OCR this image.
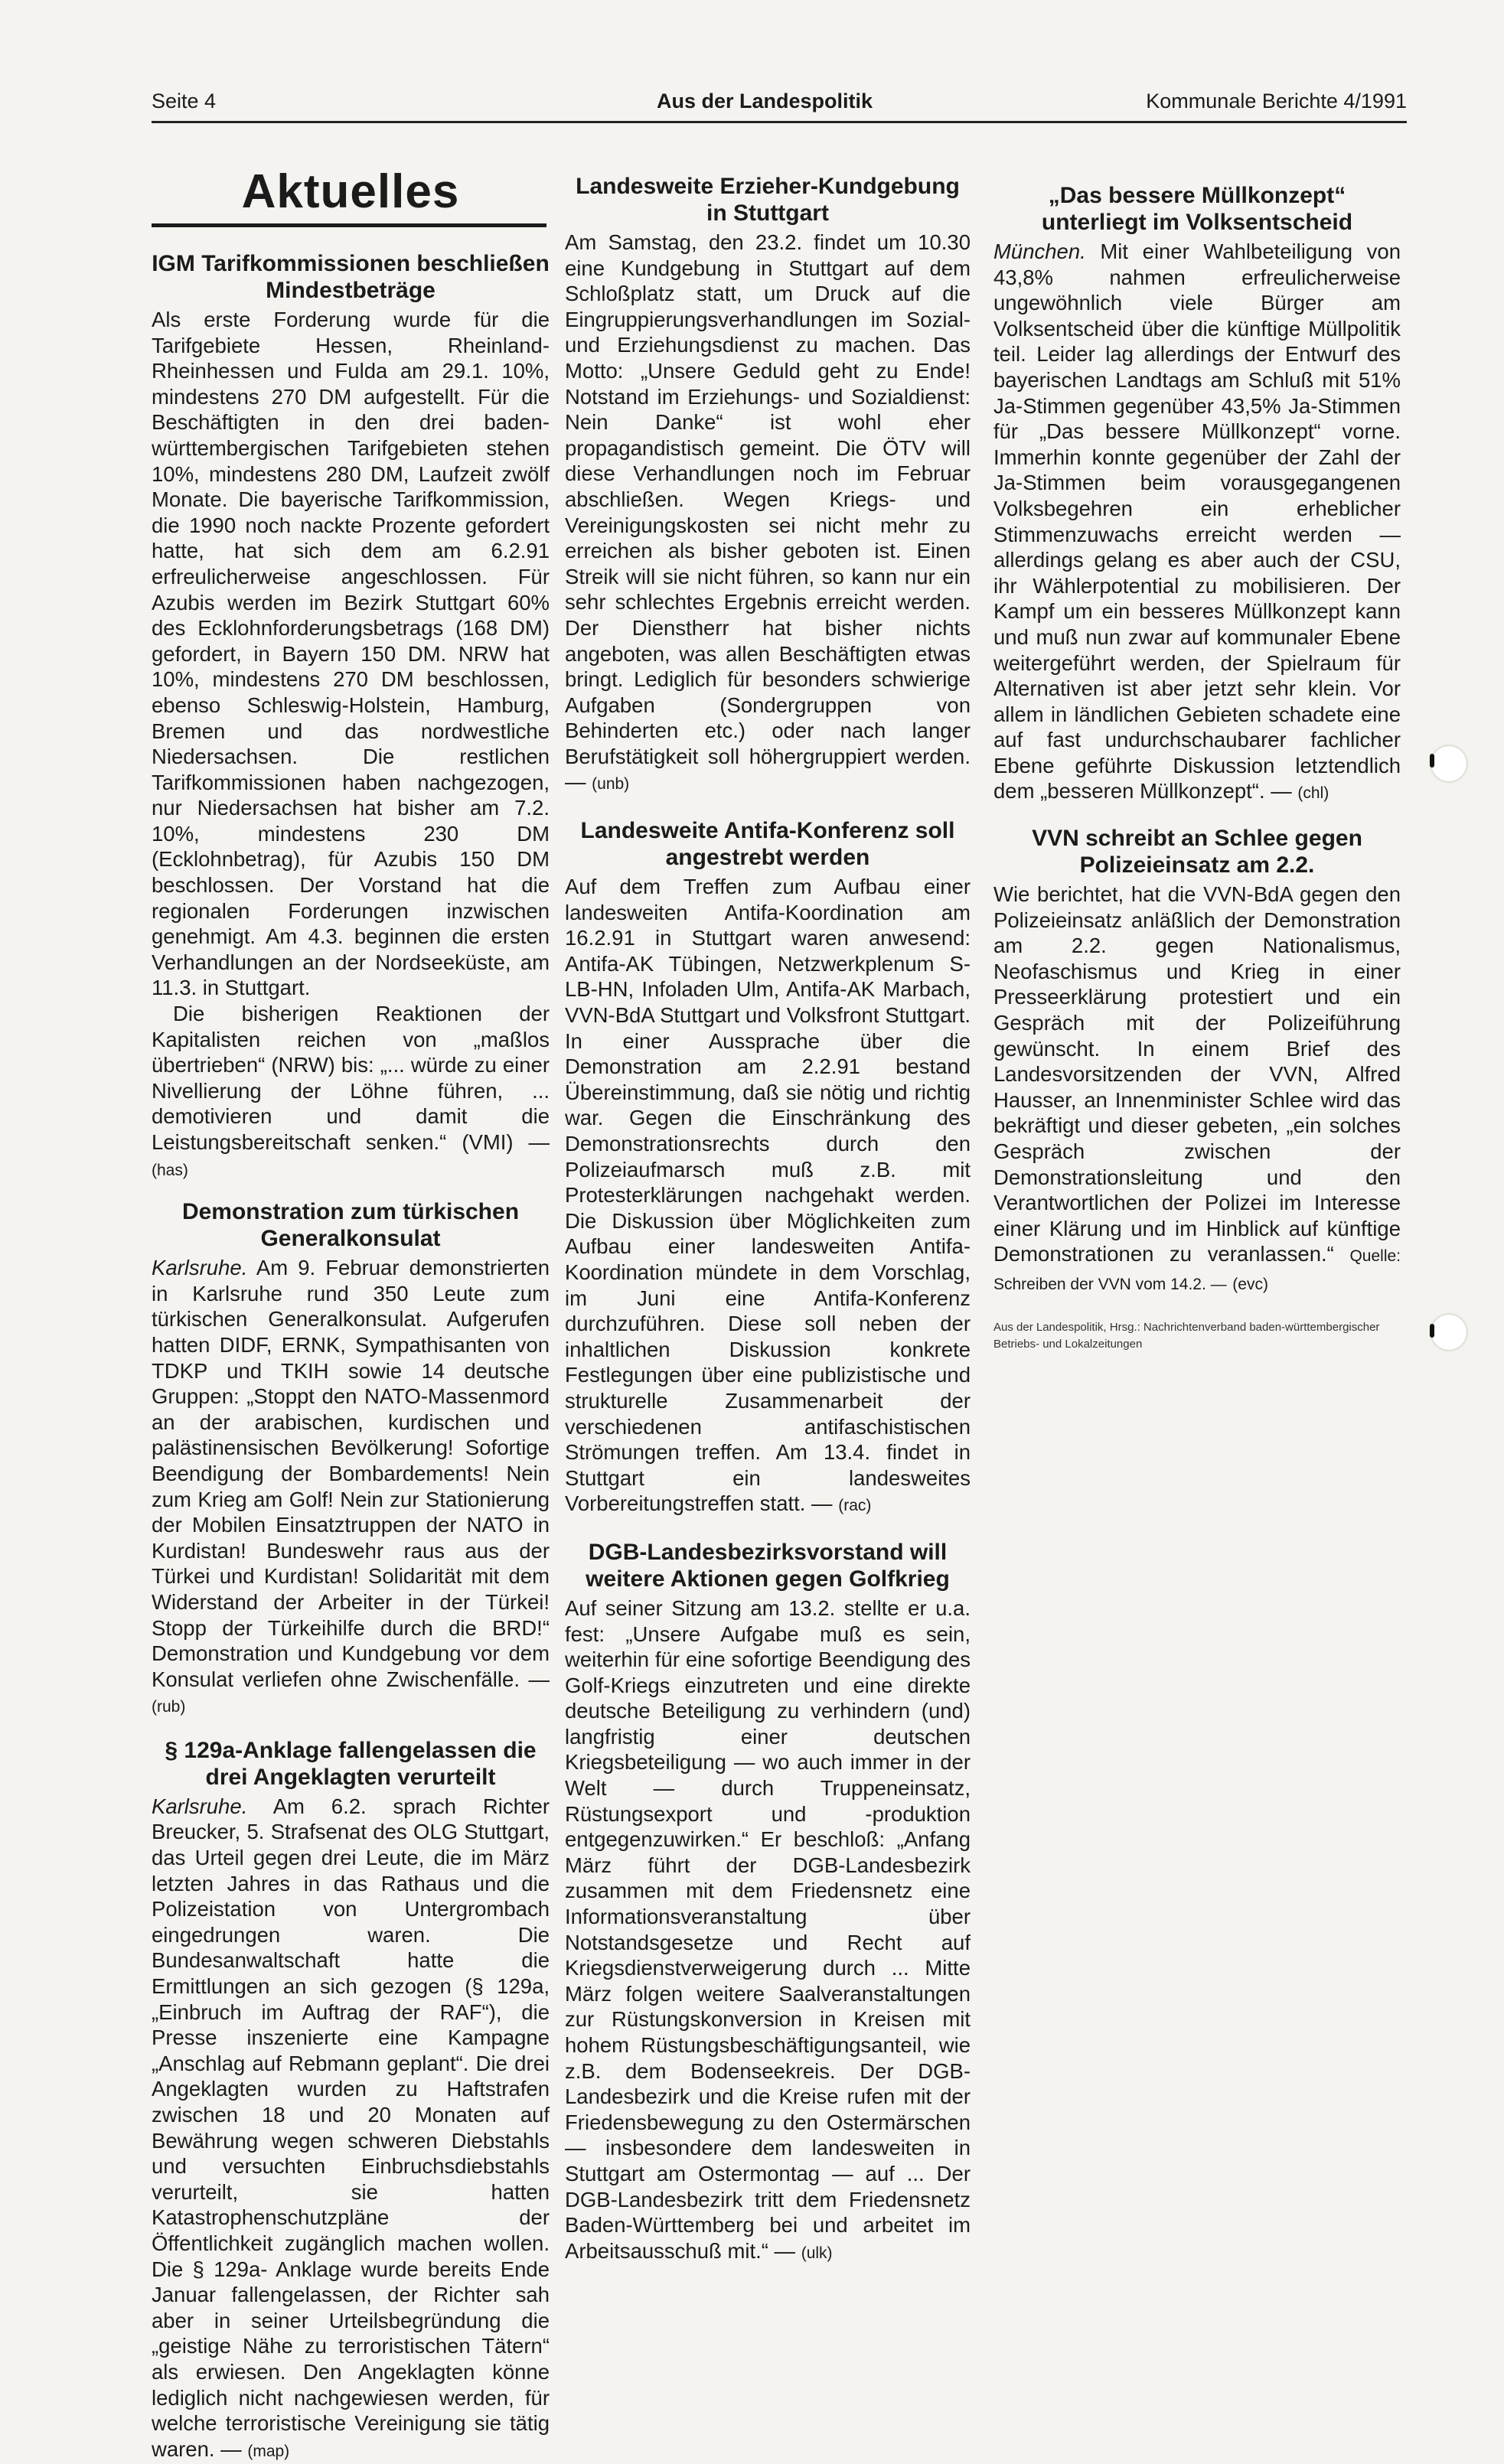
Seite 4	Aus der Landespolitik	Kommunale Berichte 4/1991
Aktuelles
IGM Tarifkommissionen beschließen Mindestbeträge

Als erste Forderung wurde für die Tarifgebiete Hessen, Rheinland-Rheinhessen und Fulda am 29.1. 10%, mindestens 270 DM aufgestellt. Für die Beschäftigten in den drei baden-württembergischen Tarifgebieten stehen 10%, mindestens 280 DM, Laufzeit zwölf Monate. Die bayerische Tarifkommission, die 1990 noch nackte Prozente gefordert hatte, hat sich dem am 6.2.91 erfreulicherweise angeschlossen. Für Azubis werden im Bezirk Stuttgart 60% des Ecklohnforderungsbetrags (168 DM) gefordert, in Bayern 150 DM. NRW hat 10%, mindestens 270 DM beschlossen, ebenso Schleswig-Holstein, Hamburg, Bremen und das nordwestliche Niedersachsen. Die restlichen Tarifkommissionen haben nachgezogen, nur Niedersachsen hat bisher am 7.2. 10%, mindestens 230 DM (Ecklohnbetrag), für Azubis 150 DM beschlossen. Der Vorstand hat die regionalen Forderungen inzwischen genehmigt. Am 4.3. beginnen die ersten Verhandlungen an der Nordseeküste, am 11.3. in Stuttgart.

Die bisherigen Reaktionen der Kapitalisten reichen von „maßlos übertrieben“ (NRW) bis: „... würde zu einer Nivellierung der Löhne führen, ... demotivieren und damit die Leistungsbereitschaft senken.“ (VMI) — (has)

Demonstration zum türkischen Generalkonsulat

Karlsruhe. Am 9. Februar demonstrierten in Karlsruhe rund 350 Leute zum türkischen Generalkonsulat. Aufgerufen hatten DIDF, ERNK, Sympathisanten von TDKP und TKIH sowie 14 deutsche Gruppen: „Stoppt den NATO-Massenmord an der arabischen, kurdischen und palästinensischen Bevölkerung! Sofortige Beendigung der Bombardements! Nein zum Krieg am Golf! Nein zur Stationierung der Mobilen Einsatztruppen der NATO in Kurdistan! Bundeswehr raus aus der Türkei und Kurdistan! Solidarität mit dem Widerstand der Arbeiter in der Türkei! Stopp der Türkeihilfe durch die BRD!“ Demonstration und Kundgebung vor dem Konsulat verliefen ohne Zwischenfälle. — (rub)

§ 129a-Anklage fallengelassen die drei Angeklagten verurteilt

Karlsruhe. Am 6.2. sprach Richter Breucker, 5. Strafsenat des OLG Stuttgart, das Urteil gegen drei Leute, die im März letzten Jahres in das Rathaus und die Polizeistation von Untergrombach eingedrungen waren. Die Bundesanwaltschaft hatte die Ermittlungen an sich gezogen (§ 129a, „Einbruch im Auftrag der RAF“), die Presse inszenierte eine Kampagne „Anschlag auf Rebmann geplant“. Die drei Angeklagten wurden zu Haftstrafen zwischen 18 und 20 Monaten auf Bewährung wegen schweren Diebstahls und versuchten Einbruchsdiebstahls verurteilt, sie hatten Katastrophenschutzpläne der Öffentlichkeit zugänglich machen wollen. Die § 129a- Anklage wurde bereits Ende Januar fallengelassen, der Richter sah aber in seiner Urteilsbegründung die „geistige Nähe zu terroristischen Tätern“ als erwiesen. Den Angeklagten könne lediglich nicht nachgewiesen werden, für welche terroristische Vereinigung sie tätig waren. — (map)

Landesweite Erzieher-Kundgebung in Stuttgart

Am Samstag, den 23.2. findet um 10.30 eine Kundgebung in Stuttgart auf dem Schloßplatz statt, um Druck auf die Eingruppierungsverhandlungen im Sozial- und Erziehungsdienst zu machen. Das Motto: „Unsere Geduld geht zu Ende! Notstand im Erziehungs- und Sozialdienst: Nein Danke“ ist wohl eher propagandistisch gemeint. Die ÖTV will diese Verhandlungen noch im Februar abschließen. Wegen Kriegs- und Vereinigungskosten sei nicht mehr zu erreichen als bisher geboten ist. Einen Streik will sie nicht führen, so kann nur ein sehr schlechtes Ergebnis erreicht werden. Der Dienstherr hat bisher nichts angeboten, was allen Beschäftigten etwas bringt. Lediglich für besonders schwierige Aufgaben (Sondergruppen von Behinderten etc.) oder nach langer Berufstätigkeit soll höhergruppiert werden. — (unb)

Landesweite Antifa-Konferenz soll angestrebt werden

Auf dem Treffen zum Aufbau einer landesweiten Antifa-Koordination am 16.2.91 in Stuttgart waren anwesend: Antifa-AK Tübingen, Netzwerkplenum S-LB-HN, Infoladen Ulm, Antifa-AK Marbach, VVN-BdA Stuttgart und Volksfront Stuttgart. In einer Aussprache über die Demonstration am 2.2.91 bestand Übereinstimmung, daß sie nötig und richtig war. Gegen die Einschränkung des Demonstrationsrechts durch den Polizeiaufmarsch muß z.B. mit Protesterklärungen nachgehakt werden. Die Diskussion über Möglichkeiten zum Aufbau einer landesweiten Antifa-Koordination mündete in dem Vorschlag, im Juni eine Antifa-Konferenz durchzuführen. Diese soll neben der inhaltlichen Diskussion konkrete Festlegungen über eine publizistische und strukturelle Zusammenarbeit der verschiedenen antifaschistischen Strömungen treffen. Am 13.4. findet in Stuttgart ein landesweites Vorbereitungstreffen statt. — (rac)

DGB-Landesbezirksvorstand will weitere Aktionen gegen Golfkrieg

Auf seiner Sitzung am 13.2. stellte er u.a. fest: „Unsere Aufgabe muß es sein, weiterhin für eine sofortige Beendigung des Golf-Kriegs einzutreten und eine direkte deutsche Beteiligung zu verhindern (und) langfristig einer deutschen Kriegsbeteiligung — wo auch immer in der Welt — durch Truppeneinsatz, Rüstungsexport und -produktion entgegenzuwirken.“ Er beschloß: „Anfang März führt der DGB-Landesbezirk zusammen mit dem Friedensnetz eine Informationsveranstaltung über Notstandsgesetze und Recht auf Kriegsdienstverweigerung durch ... Mitte März folgen weitere Saalveranstaltungen zur Rüstungskonversion in Kreisen mit hohem Rüstungsbeschäftigungsanteil, wie z.B. dem Bodenseekreis. Der DGB-Landesbezirk und die Kreise rufen mit der Friedensbewegung zu den Ostermärschen — insbesondere dem landesweiten in Stuttgart am Ostermontag — auf ... Der DGB-Landesbezirk tritt dem Friedensnetz Baden-Württemberg bei und arbeitet im Arbeitsausschuß mit.“ — (ulk)

„Das bessere Müllkonzept“ unterliegt im Volksentscheid

München. Mit einer Wahlbeteiligung von 43,8% nahmen erfreulicherweise ungewöhnlich viele Bürger am Volksentscheid über die künftige Müllpolitik teil. Leider lag allerdings der Entwurf des bayerischen Landtags am Schluß mit 51% Ja-Stimmen gegenüber 43,5% Ja-Stimmen für „Das bessere Müllkonzept“ vorne. Immerhin konnte gegenüber der Zahl der Ja-Stimmen beim vorausgegangenen Volksbegehren ein erheblicher Stimmenzuwachs erreicht werden — allerdings gelang es aber auch der CSU, ihr Wählerpotential zu mobilisieren. Der Kampf um ein besseres Müllkonzept kann und muß nun zwar auf kommunaler Ebene weitergeführt werden, der Spielraum für Alternativen ist aber jetzt sehr klein. Vor allem in ländlichen Gebieten schadete eine auf fast undurchschaubarer fachlicher Ebene geführte Diskussion letztendlich dem „besseren Müllkonzept“. — (chl)

VVN schreibt an Schlee gegen Polizeieinsatz am 2.2.

Wie berichtet, hat die VVN-BdA gegen den Polizeieinsatz anläßlich der Demonstration am 2.2. gegen Nationalismus, Neofaschismus und Krieg in einer Presseerklärung protestiert und ein Gespräch mit der Polizeiführung gewünscht. In einem Brief des Landesvorsitzenden der VVN, Alfred Hausser, an Innenminister Schlee wird das bekräftigt und dieser gebeten, „ein solches Gespräch zwischen der Demonstrationsleitung und den Verantwortlichen der Polizei im Interesse einer Klärung und im Hinblick auf künftige Demonstrationen zu veranlassen.“ Quelle: Schreiben der VVN vom 14.2. — (evc)

Aus der Landespolitik, Hrsg.: Nachrichtenverband baden-württembergischer Betriebs- und Lokalzeitungen
